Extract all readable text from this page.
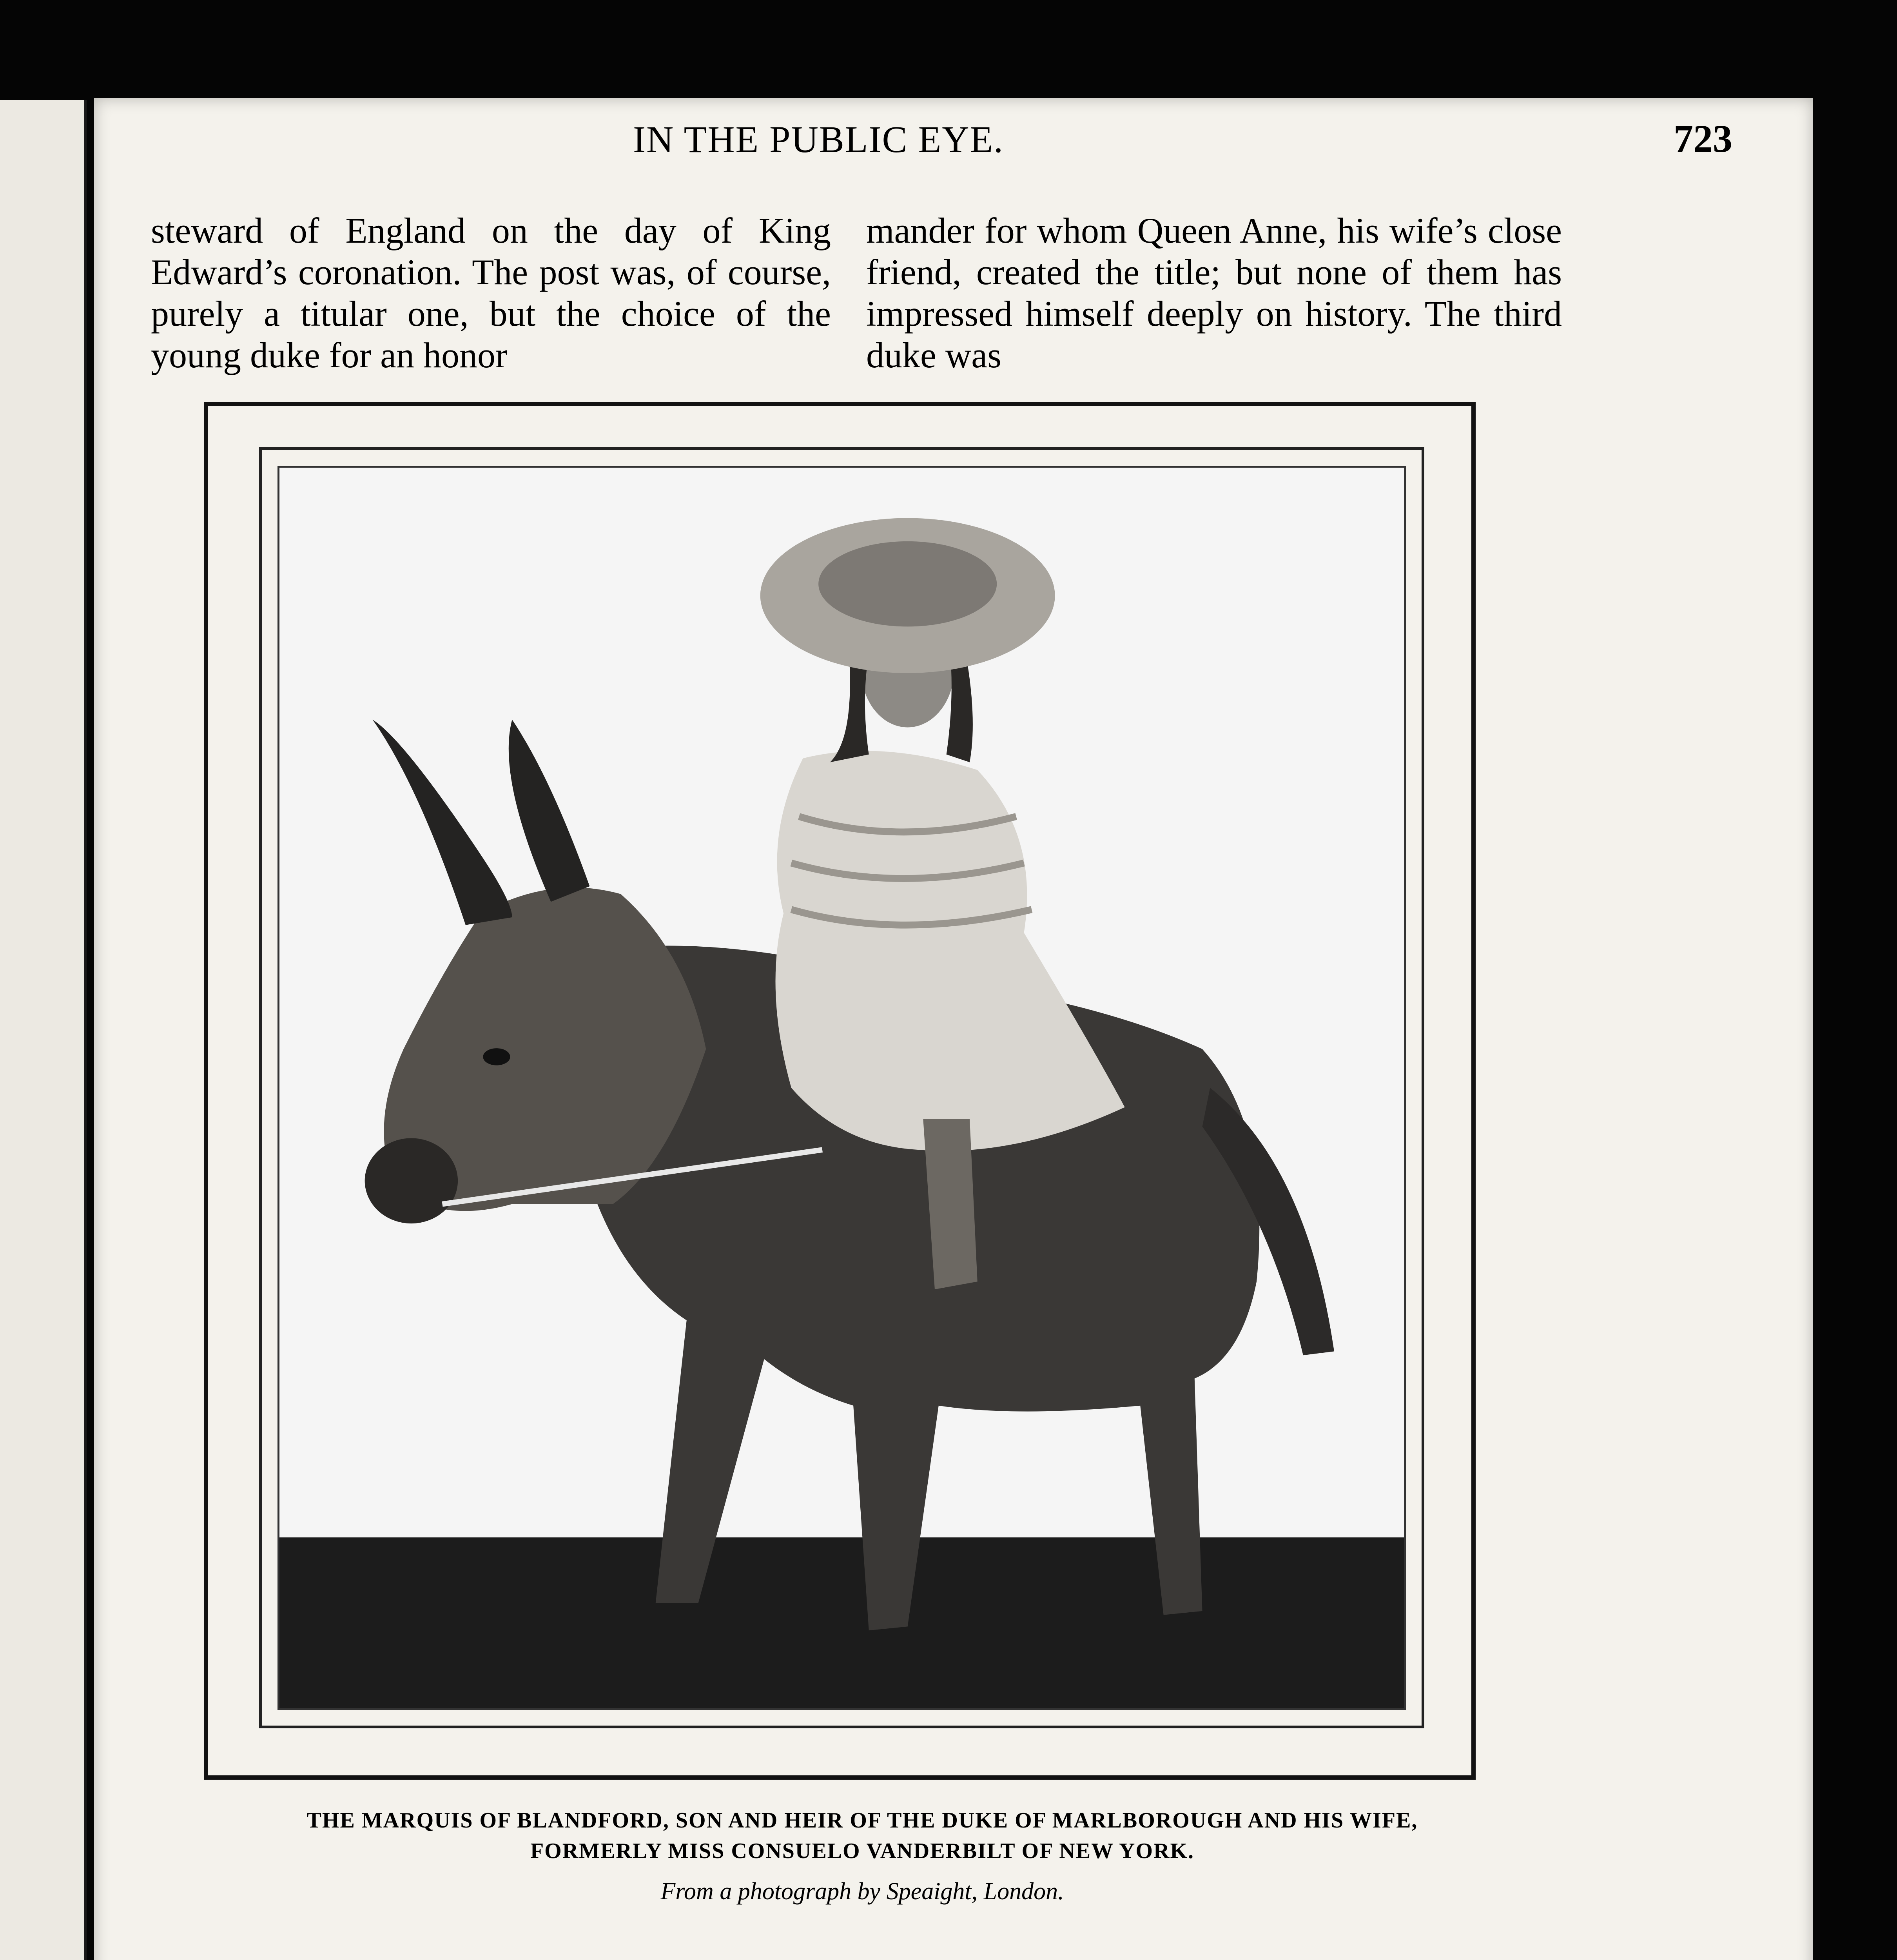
IN THE PUBLIC EYE.	723

steward of England on the day of King Edward’s coronation. The post was, of course, purely a titular one, but the choice of the young duke for an honor

mander for whom Queen Anne, his wife’s close friend, created the title; but none of them has impressed himself deeply on history. The third duke was

THE MARQUIS OF BLANDFORD, SON AND HEIR OF THE DUKE OF MARLBOROUGH AND HIS WIFE,
FORMERLY MISS CONSUELO VANDERBILT OF NEW YORK.
From a photograph by Speaight, London.
